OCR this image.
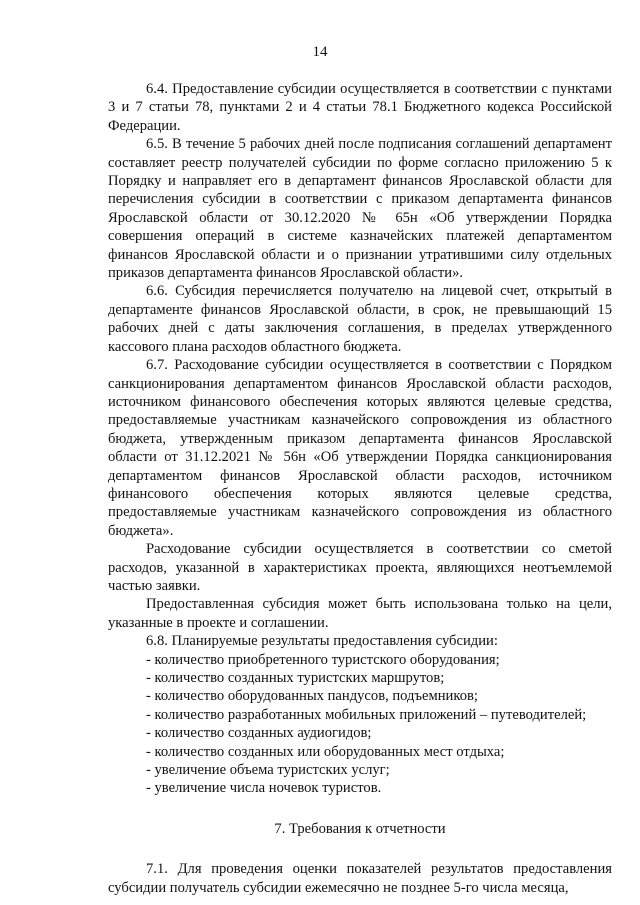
14

6.4. Предоставление субсидии осуществляется в соответствии с пунктами 3 и 7 статьи 78, пунктами 2 и 4 статьи 78.1 Бюджетного кодекса Российской Федерации.

6.5. В течение 5 рабочих дней после подписания соглашений департамент составляет реестр получателей субсидии по форме согласно приложению 5 к Порядку и направляет его в департамент финансов Ярославской области для перечисления субсидии в соответствии с приказом департамента финансов Ярославской области от 30.12.2020 № 65н «Об утверждении Порядка совершения операций в системе казначейских платежей департаментом финансов Ярославской области и о признании утратившими силу отдельных приказов департамента финансов Ярославской области».

6.6. Субсидия перечисляется получателю на лицевой счет, открытый в департаменте финансов Ярославской области, в срок, не превышающий 15 рабочих дней с даты заключения соглашения, в пределах утвержденного кассового плана расходов областного бюджета.

6.7. Расходование субсидии осуществляется в соответствии с Порядком санкционирования департаментом финансов Ярославской области расходов, источником финансового обеспечения которых являются целевые средства, предоставляемые участникам казначейского сопровождения из областного бюджета, утвержденным приказом департамента финансов Ярославской области от 31.12.2021 № 56н «Об утверждении Порядка санкционирования департаментом финансов Ярославской области расходов, источником финансового обеспечения которых являются целевые средства, предоставляемые участникам казначейского сопровождения из областного бюджета».

Расходование субсидии осуществляется в соответствии со сметой расходов, указанной в характеристиках проекта, являющихся неотъемлемой частью заявки.

Предоставленная субсидия может быть использована только на цели, указанные в проекте и соглашении.

6.8. Планируемые результаты предоставления субсидии:

- количество приобретенного туристского оборудования;

- количество созданных туристских маршрутов;

- количество оборудованных пандусов, подъемников;

- количество разработанных мобильных приложений – путеводителей;

- количество созданных аудиогидов;

- количество созданных или оборудованных мест отдыха;

- увеличение объема туристских услуг;

- увеличение числа ночевок туристов.

7. Требования к отчетности

7.1. Для проведения оценки показателей результатов предоставления субсидии получатель субсидии ежемесячно не позднее 5-го числа месяца,
